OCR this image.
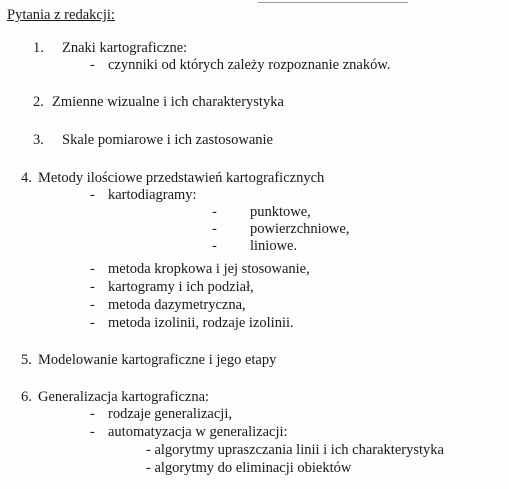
Pytania z redakcji:
1. Znaki kartograficzne:
- czynniki od których zależy rozpoznanie znaków.
2. Zmienne wizualne i ich charakterystyka
3. Skale pomiarowe i ich zastosowanie
4. Metody ilościowe przedstawień kartograficznych
- kartodiagramy:
- punktowe,
- powierzchniowe,
- liniowe.
- metoda kropkowa i jej stosowanie,
- kartogramy i ich podział,
- metoda dazymetryczna,
- metoda izolinii, rodzaje izolinii.
5. Modelowanie kartograficzne i jego etapy
6. Generalizacja kartograficzna:
- rodzaje generalizacji,
- automatyzacja w generalizacji:
- algorytmy upraszczania linii i ich charakterystyka
- algorytmy do eliminacji obiektów
